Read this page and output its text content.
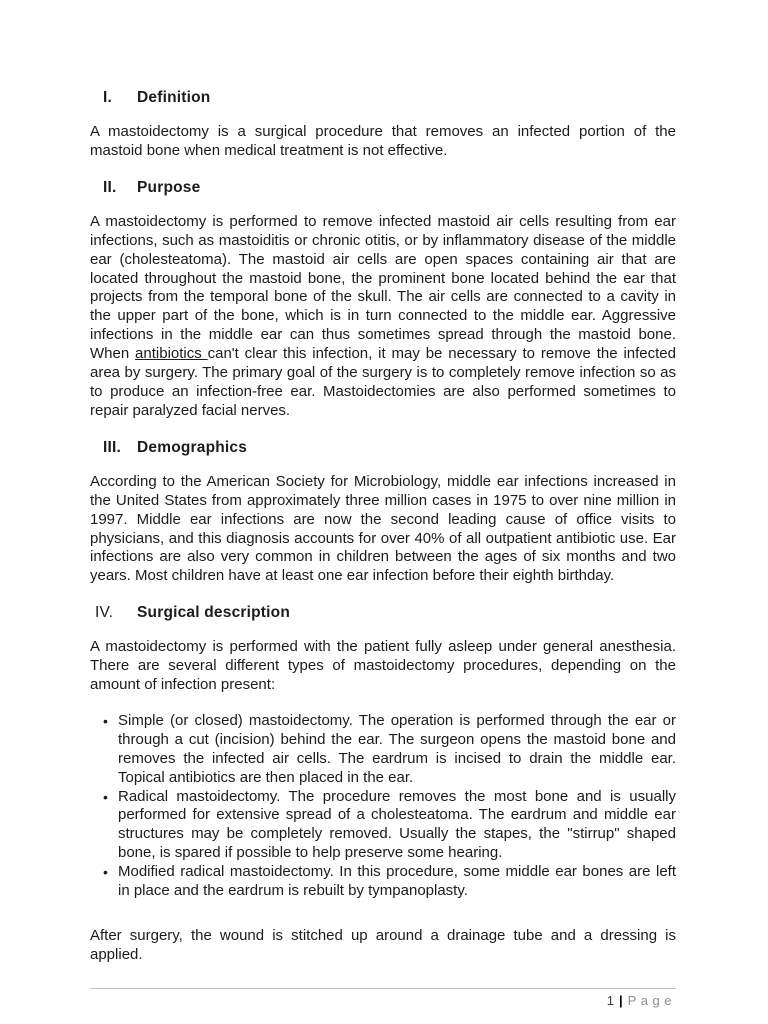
I.	Definition

A mastoidectomy is a surgical procedure that removes an infected portion of the mastoid bone when medical treatment is not effective.

II.	Purpose

A mastoidectomy is performed to remove infected mastoid air cells resulting from ear infections, such as mastoiditis or chronic otitis, or by inflammatory disease of the middle ear (cholesteatoma). The mastoid air cells are open spaces containing air that are located throughout the mastoid bone, the prominent bone located behind the ear that projects from the temporal bone of the skull. The air cells are connected to a cavity in the upper part of the bone, which is in turn connected to the middle ear. Aggressive infections in the middle ear can thus sometimes spread through the mastoid bone. When antibiotics can't clear this infection, it may be necessary to remove the infected area by surgery. The primary goal of the surgery is to completely remove infection so as to produce an infection-free ear. Mastoidectomies are also performed sometimes to repair paralyzed facial nerves.

III.	Demographics

According to the American Society for Microbiology, middle ear infections increased in the United States from approximately three million cases in 1975 to over nine million in 1997. Middle ear infections are now the second leading cause of office visits to physicians, and this diagnosis accounts for over 40% of all outpatient antibiotic use. Ear infections are also very common in children between the ages of six months and two years. Most children have at least one ear infection before their eighth birthday.

IV.	Surgical description

A mastoidectomy is performed with the patient fully asleep under general anesthesia. There are several different types of mastoidectomy procedures, depending on the amount of infection present:

• Simple (or closed) mastoidectomy. The operation is performed through the ear or through a cut (incision) behind the ear. The surgeon opens the mastoid bone and removes the infected air cells. The eardrum is incised to drain the middle ear. Topical antibiotics are then placed in the ear.
• Radical mastoidectomy. The procedure removes the most bone and is usually performed for extensive spread of a cholesteatoma. The eardrum and middle ear structures may be completely removed. Usually the stapes, the "stirrup" shaped bone, is spared if possible to help preserve some hearing.
• Modified radical mastoidectomy. In this procedure, some middle ear bones are left in place and the eardrum is rebuilt by tympanoplasty.

After surgery, the wound is stitched up around a drainage tube and a dressing is applied.

1 | Page
